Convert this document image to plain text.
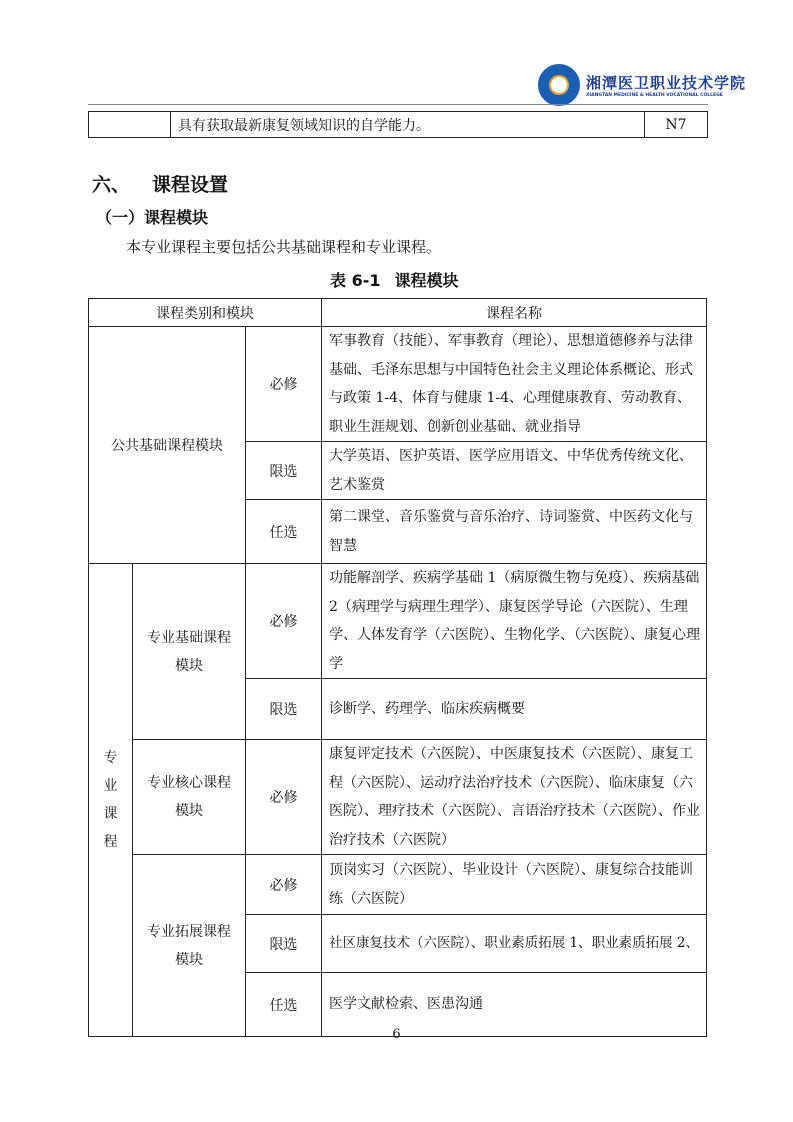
湘潭医卫职业技术学院
XIANGTAN MEDICINE & HEALTH VOCATIONAL COLLEGE
	具有获取最新康复领域知识的自学能力。	N7
六、 课程设置
（一）课程模块
本专业课程主要包括公共基础课程和专业课程。
表 6-1 课程模块
课程类别和模块			课程名称
公共基础课程模块		必修	军事教育（技能）、军事教育（理论）、思想道德修养与法律基础、毛泽东思想与中国特色社会主义理论体系概论、形式与政策 1-4、体育与健康 1-4、心理健康教育、劳动教育、职业生涯规划、创新创业基础、就业指导
		限选	大学英语、医护英语、医学应用语文、中华优秀传统文化、艺术鉴赏
		任选	第二课堂、音乐鉴赏与音乐治疗、诗词鉴赏、中医药文化与智慧

专业课程	专业基础课程模块	必修	功能解剖学、疾病学基础 1（病原微生物与免疫）、疾病基础 2（病理学与病理生理学）、康复医学导论（六医院）、生理学、人体发育学（六医院）、生物化学、（六医院）、康复心理学
		限选	诊断学、药理学、临床疾病概要
	专业核心课程模块	必修	康复评定技术（六医院）、中医康复技术（六医院）、康复工程（六医院）、运动疗法治疗技术（六医院）、临床康复（六医院）、理疗技术（六医院）、言语治疗技术（六医院）、作业治疗技术（六医院）
	专业拓展课程模块	必修	顶岗实习（六医院）、毕业设计（六医院）、康复综合技能训练（六医院）
		限选	社区康复技术（六医院）、职业素质拓展 1、职业素质拓展 2、
		任选	医学文献检索、医患沟通
6
